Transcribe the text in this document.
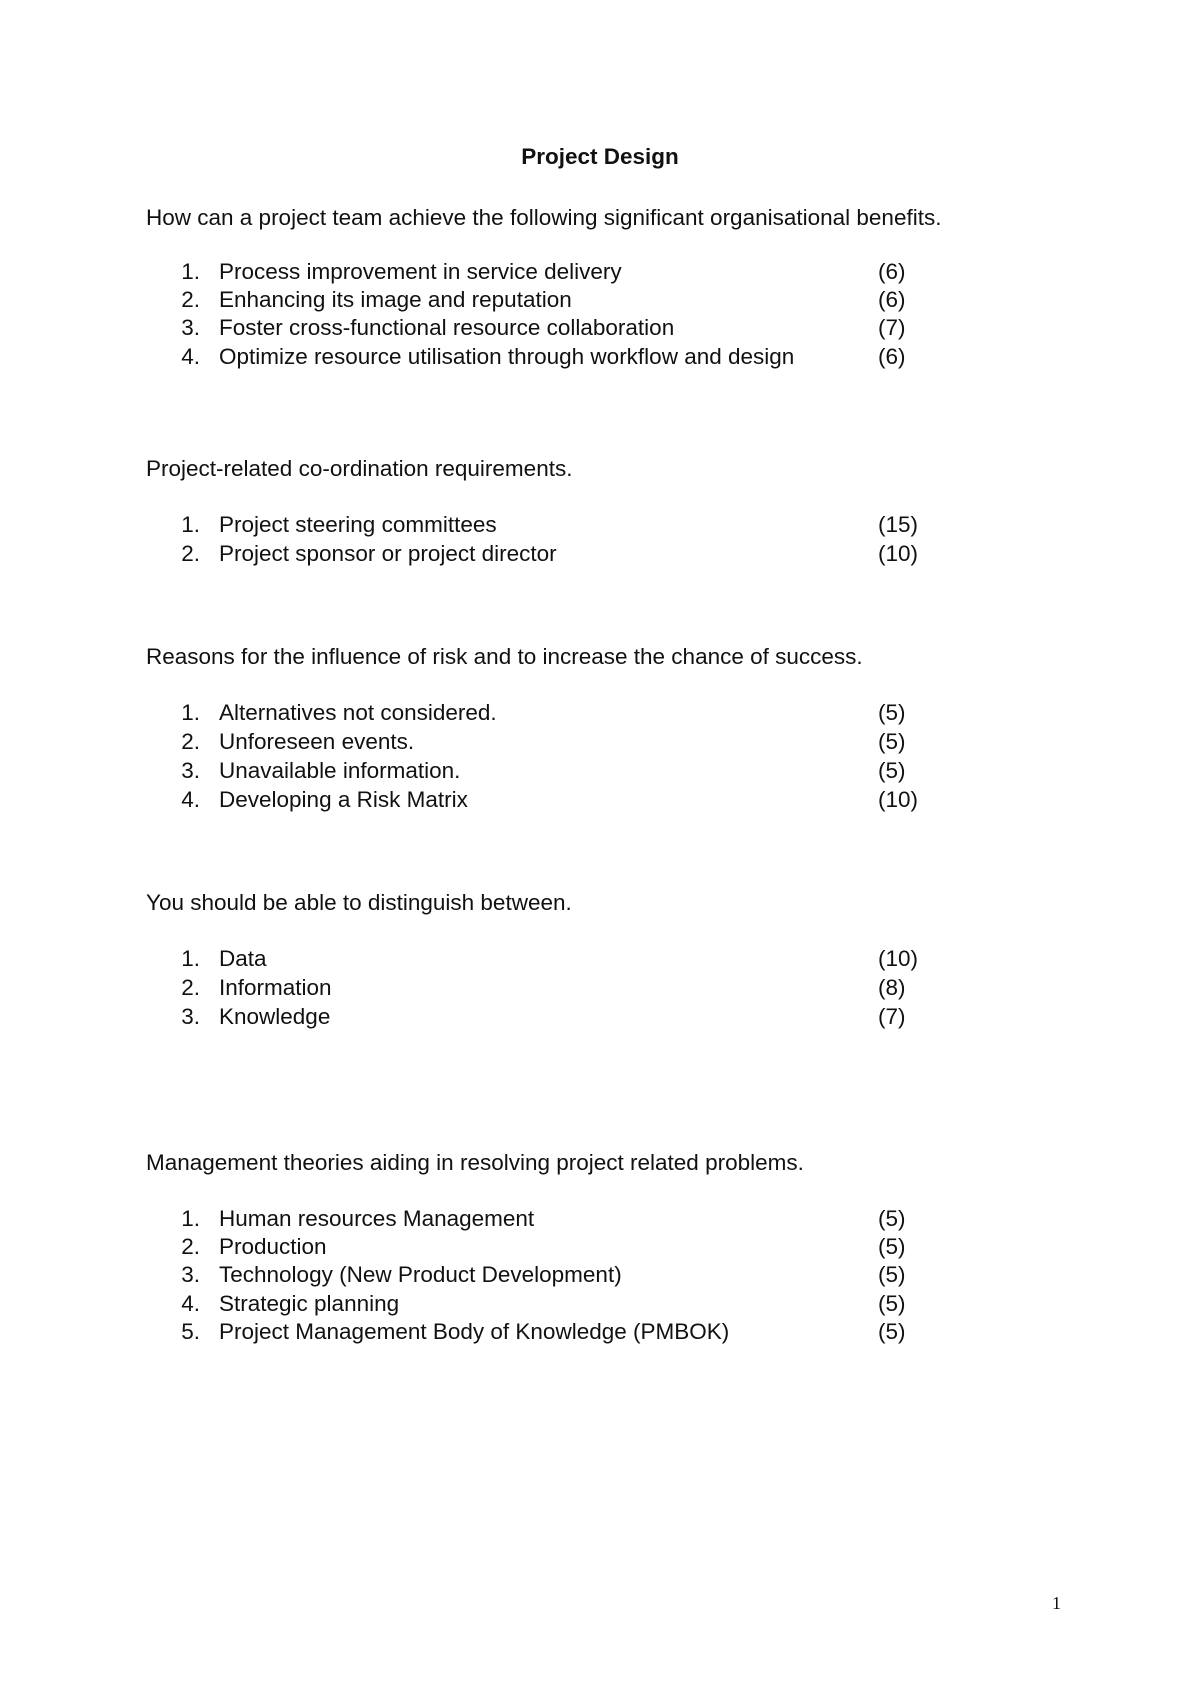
Project Design
How can a project team achieve the following significant organisational benefits.
1. Process improvement in service delivery	(6)
2. Enhancing its image and reputation	(6)
3. Foster cross-functional resource collaboration	(7)
4. Optimize resource utilisation through workflow and design	(6)
Project-related co-ordination requirements.
1. Project steering committees	(15)
2. Project sponsor or project director	(10)
Reasons for the influence of risk and to increase the chance of success.
1. Alternatives not considered.	(5)
2. Unforeseen events.	(5)
3. Unavailable information.	(5)
4. Developing a Risk Matrix	(10)
You should be able to distinguish between.
1. Data	(10)
2. Information	(8)
3. Knowledge	(7)
Management theories aiding in resolving project related problems.
1. Human resources Management	(5)
2. Production	(5)
3. Technology (New Product Development)	(5)
4. Strategic planning	(5)
5. Project Management Body of Knowledge (PMBOK)	(5)
1
